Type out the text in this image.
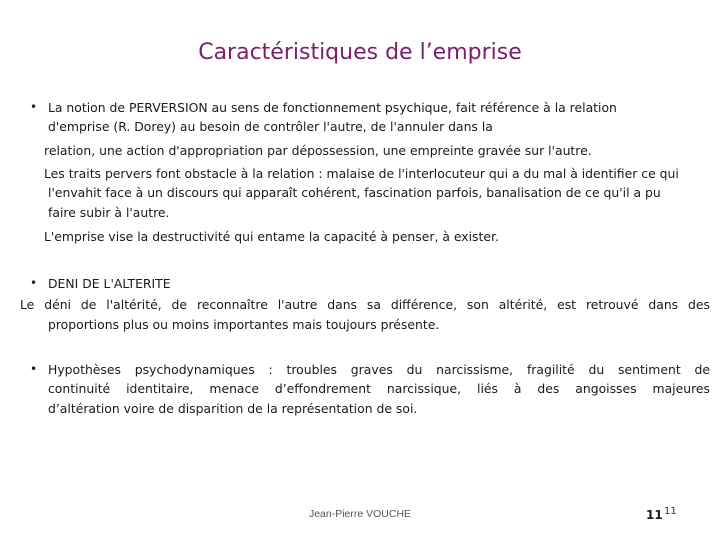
Caractéristiques de l’emprise
• La notion de PERVERSION au sens de fonctionnement psychique, fait référence à la relation
d'emprise (R. Dorey) au besoin de contrôler l'autre, de l'annuler dans la
relation, une action d'appropriation par dépossession, une empreinte gravée sur l'autre.
Les traits pervers font obstacle à la relation : malaise de l'interlocuteur qui a du mal à identifier ce qui
l'envahit face à un discours qui apparaît cohérent, fascination parfois, banalisation de ce qu'il a pu
faire subir à l'autre.
L'emprise vise la destructivité qui entame la capacité à penser, à exister.
• DENI DE L'ALTERITE
Le déni de l'altérité, de reconnaître l'autre dans sa différence, son altérité, est retrouvé dans des
proportions plus ou moins importantes mais toujours présente.
• Hypothèses psychodynamiques : troubles graves du narcissisme, fragilité du sentiment de
continuité identitaire, menace d’effondrement narcissique, liés à des angoisses majeures
d’altération voire de disparition de la représentation de soi.
Jean-Pierre VOUCHE	11 11
